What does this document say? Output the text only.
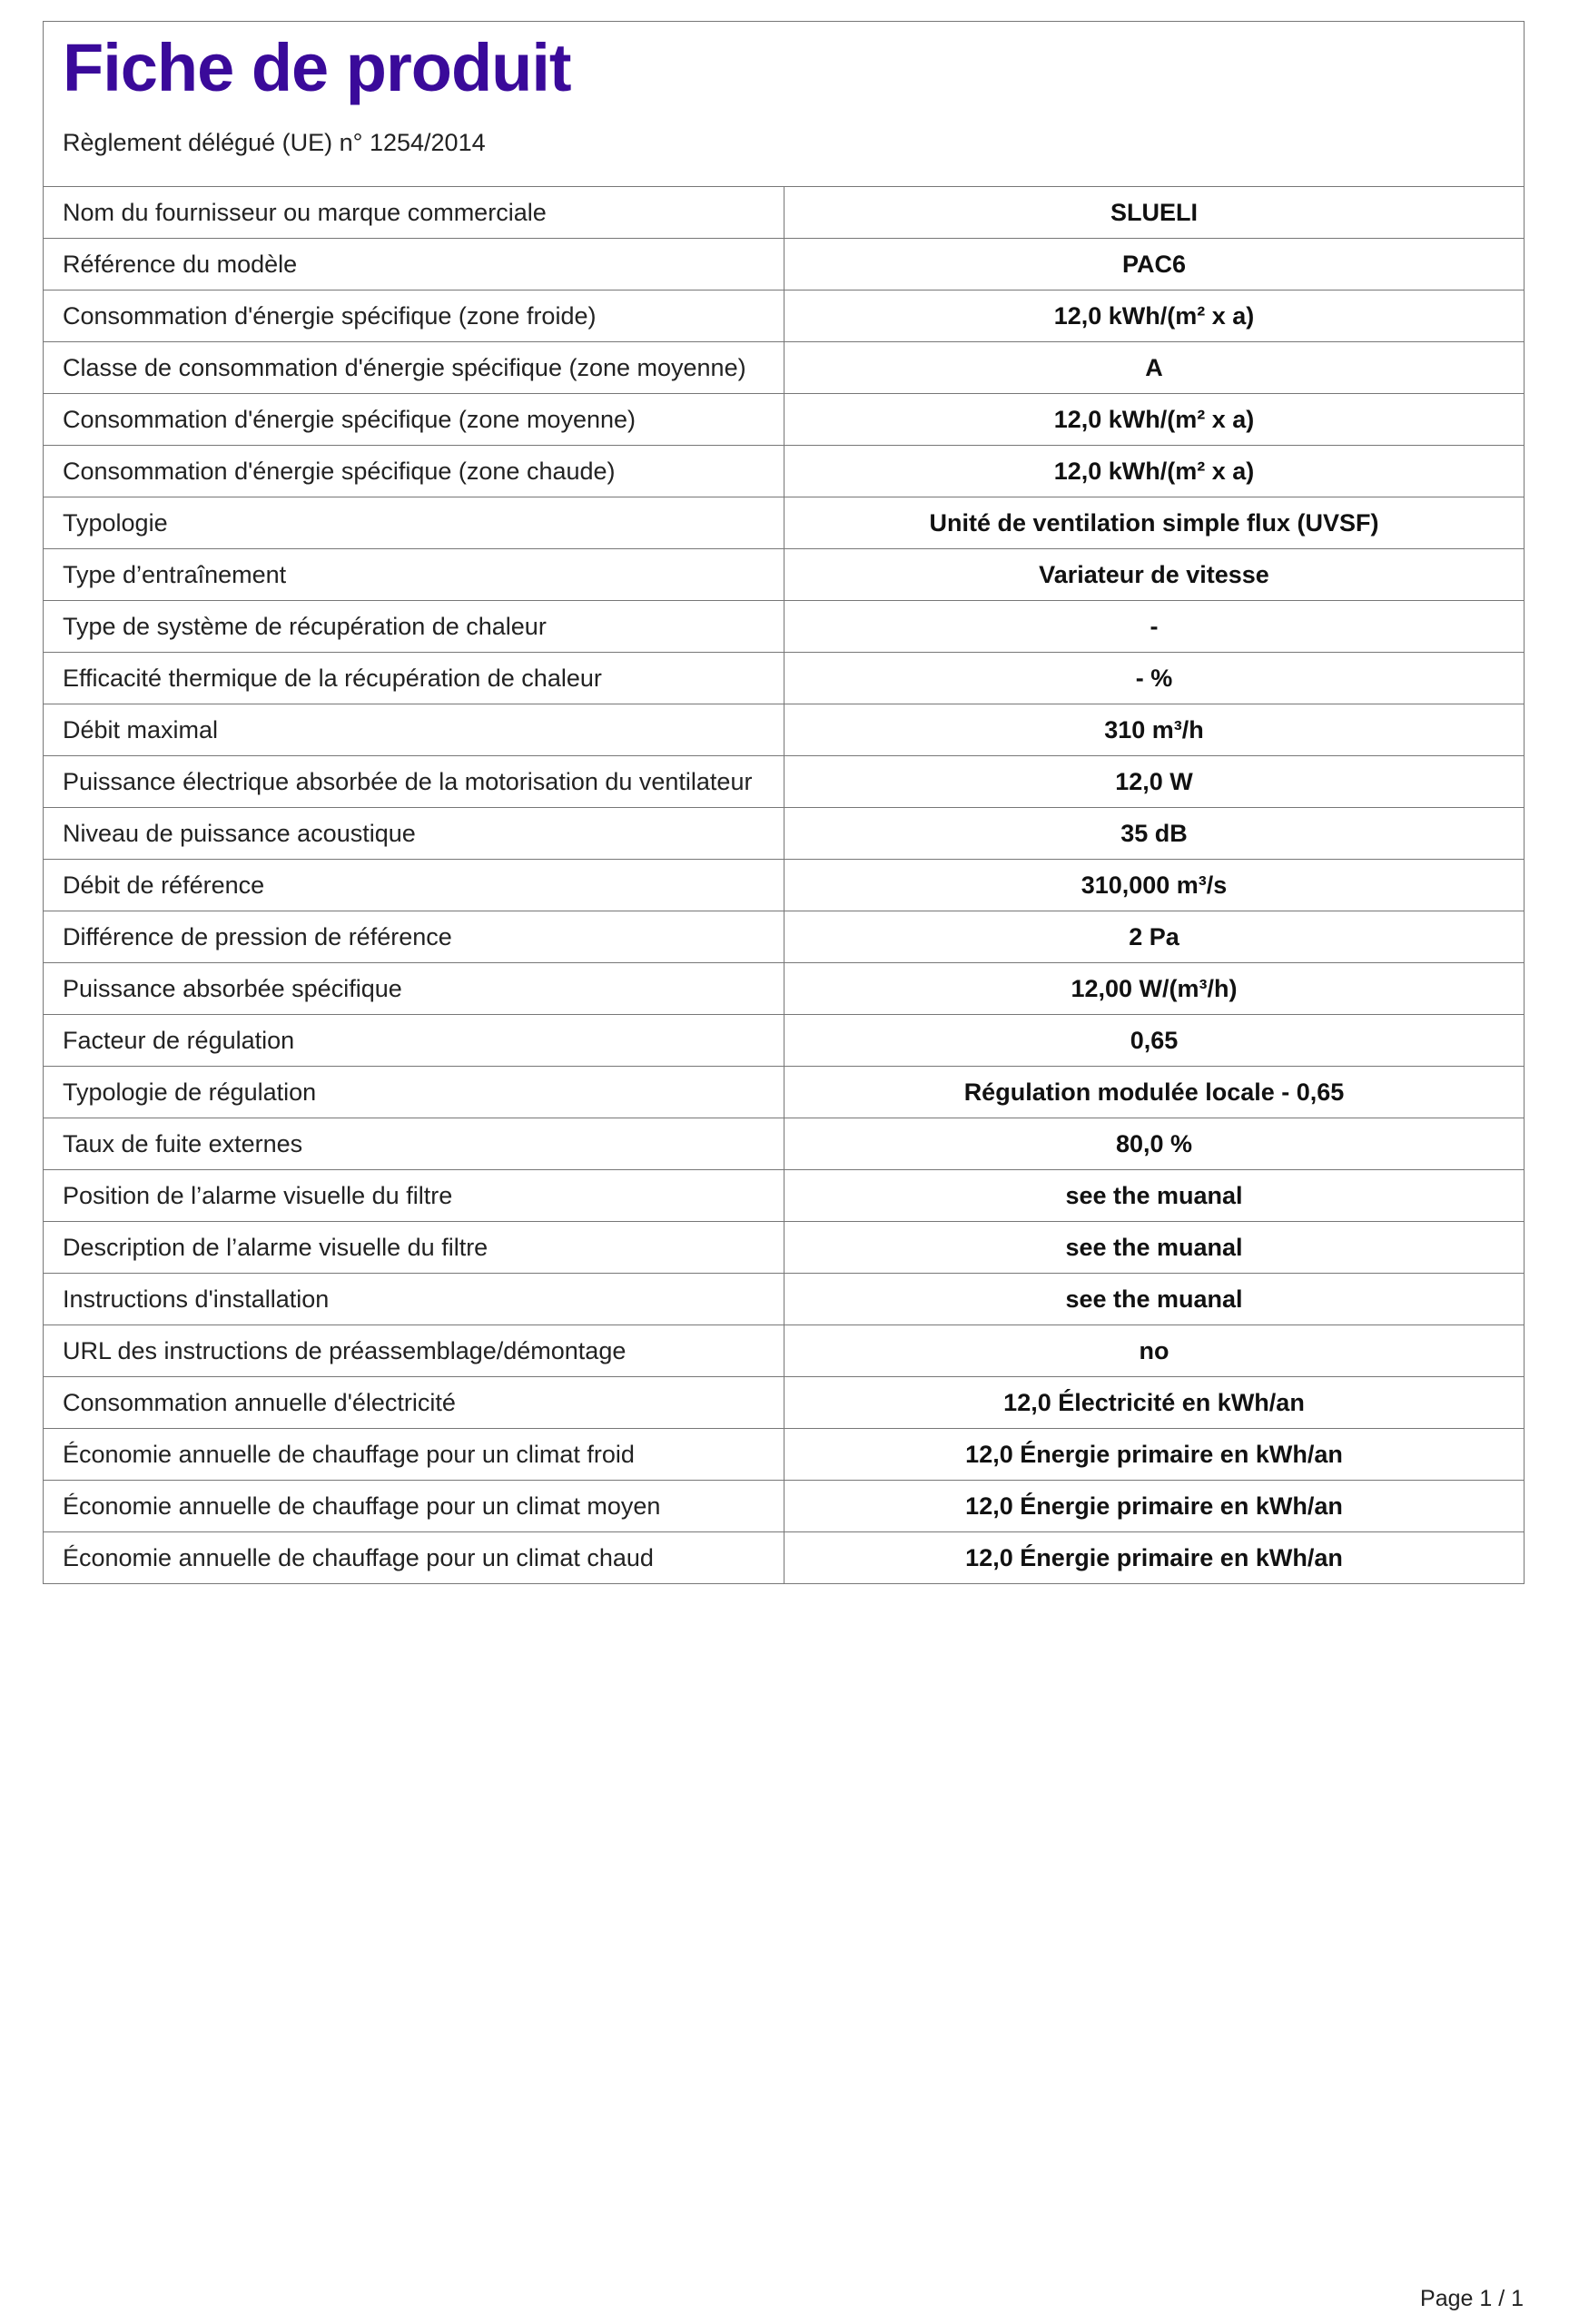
Fiche de produit
Règlement délégué (UE) n° 1254/2014
Nom du fournisseur ou marque commerciale	SLUELI
Référence du modèle	PAC6
Consommation d'énergie spécifique (zone froide)	12,0 kWh/(m² x a)
Classe de consommation d'énergie spécifique (zone moyenne)	A
Consommation d'énergie spécifique (zone moyenne)	12,0 kWh/(m² x a)
Consommation d'énergie spécifique (zone chaude)	12,0 kWh/(m² x a)
Typologie	Unité de ventilation simple flux (UVSF)
Type d’entraînement	Variateur de vitesse
Type de système de récupération de chaleur	-
Efficacité thermique de la récupération de chaleur	- %
Débit maximal	310 m³/h
Puissance électrique absorbée de la motorisation du ventilateur	12,0 W
Niveau de puissance acoustique	35 dB
Débit de référence	310,000 m³/s
Différence de pression de référence	2 Pa
Puissance absorbée spécifique	12,00 W/(m³/h)
Facteur de régulation	0,65
Typologie de régulation	Régulation modulée locale - 0,65
Taux de fuite externes	80,0 %
Position de l’alarme visuelle du filtre	see the muanal
Description de l’alarme visuelle du filtre	see the muanal
Instructions d'installation	see the muanal
URL des instructions de préassemblage/démontage	no
Consommation annuelle d'électricité	12,0 Électricité en kWh/an
Économie annuelle de chauffage pour un climat froid	12,0 Énergie primaire en kWh/an
Économie annuelle de chauffage pour un climat moyen	12,0 Énergie primaire en kWh/an
Économie annuelle de chauffage pour un climat chaud	12,0 Énergie primaire en kWh/an
Page 1 / 1
